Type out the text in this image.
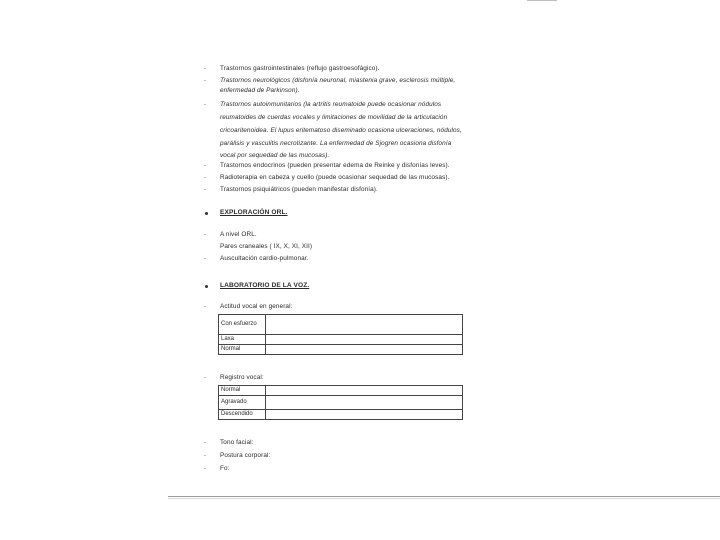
- Trastornos gastrointestinales (reflujo gastroesofágico).
- Trastornos neurológicos (disfonía neuronal, miastenia grave, esclerosis múltiple,
enfermedad de Parkinson).
- Trastornos autoinmunitarios (la artritis reumatoide puede ocasionar nódulos
reumatoides de cuerdas vocales y limitaciones de movilidad de la articulación
cricoaritenoidea. El lupus eritematoso diseminado ocasiona ulceraciones, nódulos,
parálisis y vasculitis necrotizante. La enfermedad de Sjogren ocasiona disfonía
vocal por sequedad de las mucosas).
- Trastornos endocrinos (pueden presentar edema de Reinke y disfonías leves).
- Radioterapia en cabeza y cuello (puede ocasionar sequedad de las mucosas).
- Trastornos psiquiátricos (pueden manifestar disfonía).
EXPLORACIÓN ORL.
- A nivel ORL.
Pares craneales ( IX, X, XI, XII)
- Auscultación cardio-pulmonar.
LABORATORIO DE LA VOZ.
- Actitud vocal en general:
Con esfuerzo	
Laxa	
Normal	
- Registro vocal:
Normal	
Agravado	
Descendido	
- Tono facial:
- Postura corporal:
- Fo:
